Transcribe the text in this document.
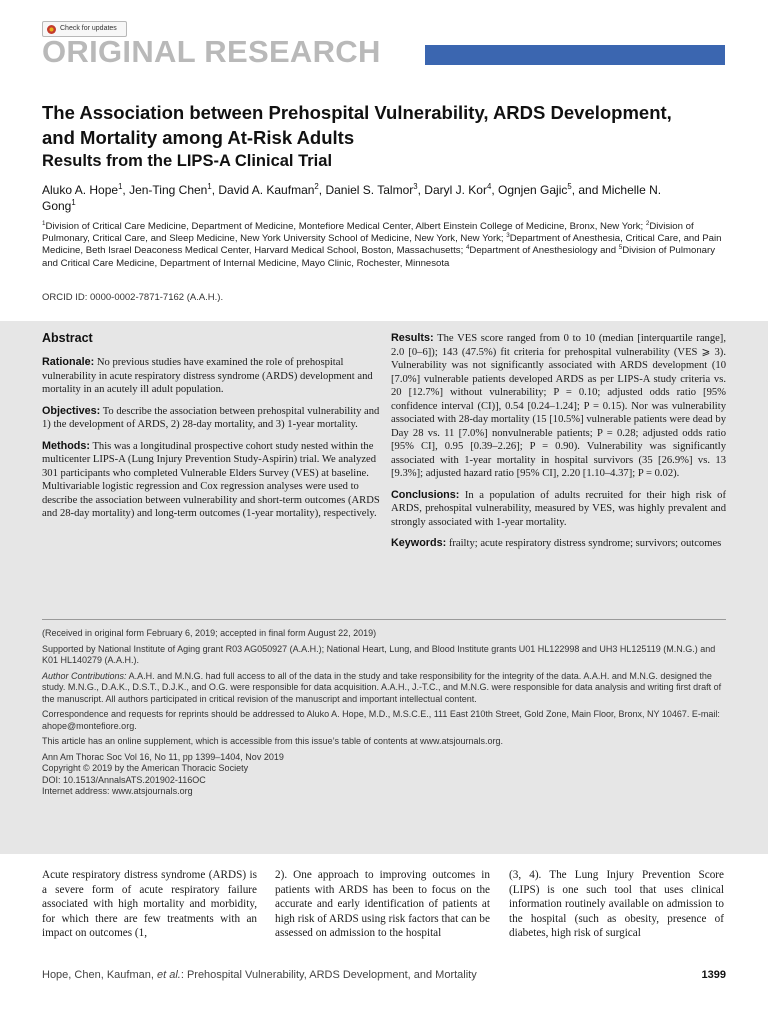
Check for updates
ORIGINAL RESEARCH
The Association between Prehospital Vulnerability, ARDS Development, and Mortality among At-Risk Adults
Results from the LIPS-A Clinical Trial
Aluko A. Hope$^1$, Jen-Ting Chen$^1$, David A. Kaufman$^2$, Daniel S. Talmor$^3$, Daryl J. Kor$^4$, Ognjen Gajic$^5$, and Michelle N. Gong$^1$
$^1$Division of Critical Care Medicine, Department of Medicine, Montefiore Medical Center, Albert Einstein College of Medicine, Bronx, New York; $^2$Division of Pulmonary, Critical Care, and Sleep Medicine, New York University School of Medicine, New York, New York; $^3$Department of Anesthesia, Critical Care, and Pain Medicine, Beth Israel Deaconess Medical Center, Harvard Medical School, Boston, Massachusetts; $^4$Department of Anesthesiology and $^5$Division of Pulmonary and Critical Care Medicine, Department of Internal Medicine, Mayo Clinic, Rochester, Minnesota
ORCID ID: 0000-0002-7871-7162 (A.A.H.).
Abstract

Rationale: No previous studies have examined the role of prehospital vulnerability in acute respiratory distress syndrome (ARDS) development and mortality in an acutely ill adult population.

Objectives: To describe the association between prehospital vulnerability and 1) the development of ARDS, 2) 28-day mortality, and 3) 1-year mortality.

Methods: This was a longitudinal prospective cohort study nested within the multicenter LIPS-A (Lung Injury Prevention Study-Aspirin) trial. We analyzed 301 participants who completed Vulnerable Elders Survey (VES) at baseline. Multivariable logistic regression and Cox regression analyses were used to describe the association between vulnerability and short-term outcomes (ARDS and 28-day mortality) and long-term outcomes (1-year mortality), respectively.

Results: The VES score ranged from 0 to 10 (median [interquartile range], 2.0 [0–6]); 143 (47.5%) fit criteria for prehospital vulnerability (VES ⩾ 3). Vulnerability was not significantly associated with ARDS development (10 [7.0%] vulnerable patients developed ARDS as per LIPS-A study criteria vs. 20 [12.7%] without vulnerability; P = 0.10; adjusted odds ratio [95% confidence interval (CI)], 0.54 [0.24–1.24]; P = 0.15). Nor was vulnerability associated with 28-day mortality (15 [10.5%] vulnerable patients were dead by Day 28 vs. 11 [7.0%] nonvulnerable patients; P = 0.28; adjusted odds ratio [95% CI], 0.95 [0.39–2.26]; P = 0.90). Vulnerability was significantly associated with 1-year mortality in hospital survivors (35 [26.9%] vs. 13 [9.3%]; adjusted hazard ratio [95% CI], 2.20 [1.10–4.37]; P = 0.02).

Conclusions: In a population of adults recruited for their high risk of ARDS, prehospital vulnerability, measured by VES, was highly prevalent and strongly associated with 1-year mortality.

Keywords: frailty; acute respiratory distress syndrome; survivors; outcomes

(Received in original form February 6, 2019; accepted in final form August 22, 2019)

Supported by National Institute of Aging grant R03 AG050927 (A.A.H.); National Heart, Lung, and Blood Institute grants U01 HL122998 and UH3 HL125119 (M.N.G.) and K01 HL140279 (A.A.H.).

Author Contributions: A.A.H. and M.N.G. had full access to all of the data in the study and take responsibility for the integrity of the data. A.A.H. and M.N.G. designed the study. M.N.G., D.A.K., D.S.T., D.J.K., and O.G. were responsible for data acquisition. A.A.H., J.-T.C., and M.N.G. were responsible for data analysis and writing first draft of the manuscript. All authors participated in critical revision of the manuscript and important intellectual content.

Correspondence and requests for reprints should be addressed to Aluko A. Hope, M.D., M.S.C.E., 111 East 210th Street, Gold Zone, Main Floor, Bronx, NY 10467. E-mail: ahope@montefiore.org.

This article has an online supplement, which is accessible from this issue’s table of contents at www.atsjournals.org.

Ann Am Thorac Soc Vol 16, No 11, pp 1399–1404, Nov 2019

Copyright © 2019 by the American Thoracic Society

DOI: 10.1513/AnnalsATS.201902-116OC

Internet address: www.atsjournals.org

Acute respiratory distress syndrome (ARDS) is a severe form of acute respiratory failure associated with high mortality and morbidity, for which there are few treatments with an impact on outcomes (1,
2). One approach to improving outcomes in patients with ARDS has been to focus on the accurate and early identification of patients at high risk of ARDS using risk factors that can be assessed on admission to the hospital
(3, 4). The Lung Injury Prevention Score (LIPS) is one such tool that uses clinical information routinely available on admission to the hospital (such as obesity, presence of diabetes, high risk of surgical
Hope, Chen, Kaufman, et al.: Prehospital Vulnerability, ARDS Development, and Mortality	1399
